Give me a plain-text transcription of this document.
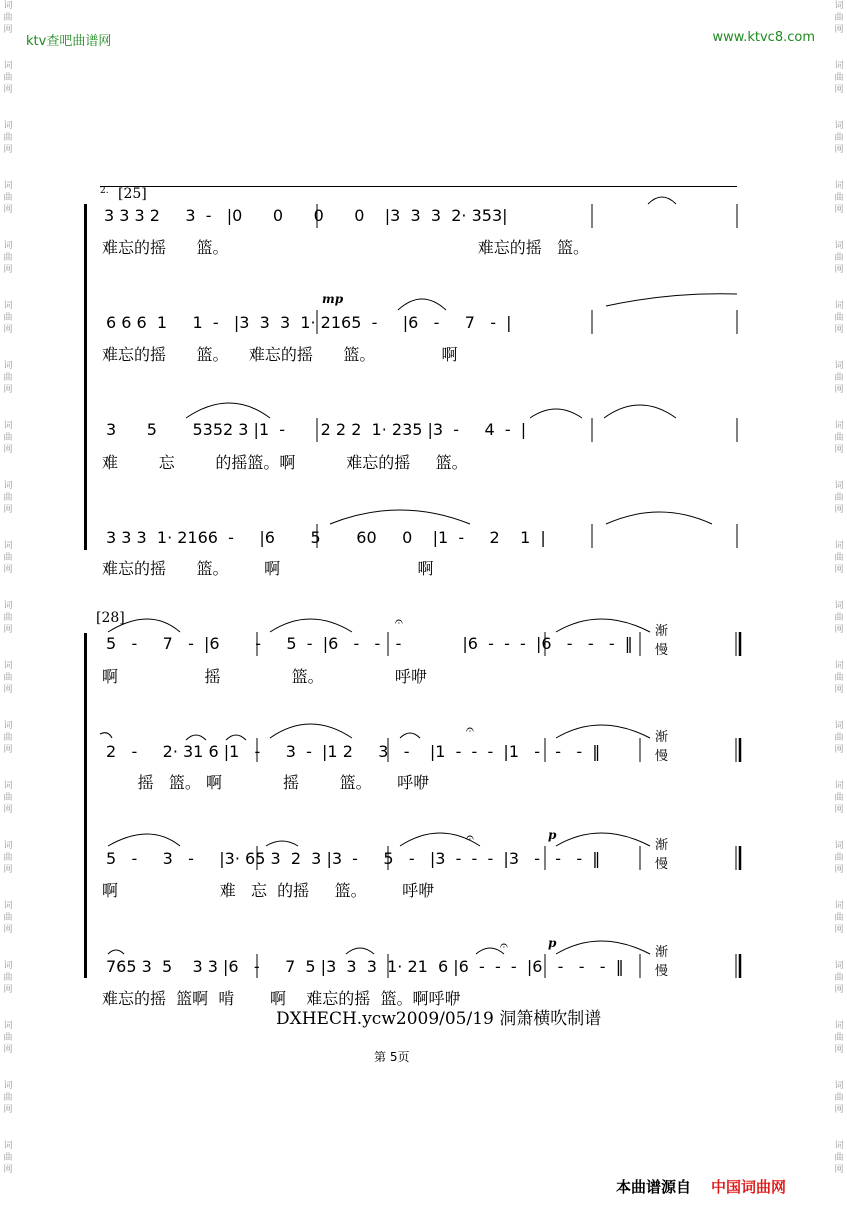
词
曲
网
词
曲
网
词
曲
网
词
曲
网
词
曲
网
词
曲
网
词
曲
网
词
曲
网
词
曲
网
词
曲
网
词
曲
网
词
曲
网
词
曲
网
词
曲
网
词
曲
网
词
曲
网
词
曲
网
词
曲
网
词
曲
网
词
曲
网
词
曲
网
词
曲
网
词
曲
网
词
曲
网
词
曲
网
词
曲
网
词
曲
网
词
曲
网
词
曲
网
词
曲
网
词
曲
网
词
曲
网
词
曲
网
词
曲
网
词
曲
网
词
曲
网
词
曲
网
词
曲
网
词
曲
网
词
曲
网
ktv查吧曲谱网	www.ktvc8.com
2. [25]
[28]
3 3 3 2     3  -   |0      0      0      0    |3  3  3  2· 353|
难忘的摇      篮。                                                 难忘的摇   篮。
mp
6 6 6  1     1  -   |3  3  3  1· 2165  -     |6   -     7   -  |
难忘的摇      篮。    难忘的摇      篮。             啊
3      5       5352 3 |1  -       2 2 2  1· 235 |3  -     4  -  |
难        忘        的摇篮。啊          难忘的摇     篮。
3 3 3  1· 2166  -     |6       5       60     0    |1  -     2    1  |
难忘的摇      篮。       啊                           啊
𝄐
渐慢
5   -     7   -  |6       -     5  -  |6   -   -   -            |6  -  -  -  |6   -   -   -  ‖
啊                 摇              篮。              呼咿
𝄐	渐慢
2   -     2· 31 6 |1   -     3  -  |1 2     3   -    |1  -  -  -  |1   -   -   -  ‖
摇   篮。 啊            摇        篮。     呼咿
p
𝄐	渐慢
5   -     3   -     |3· 65 3  2  3 |3  -     5   -   |3  -  -  -  |3   -   -   -  ‖
啊                    难   忘  的摇     篮。       呼咿
p
𝄐	渐慢
765 3  5    3 3 |6   -     7  5 |3  3  3  1· 21  6 |6  -  -  -  |6   -   -   -  ‖
难忘的摇  篮啊  啃       啊    难忘的摇  篮。啊呼咿
DXHECH.ycw2009/05/19 洞箫横吹制谱
第 5页
本曲谱源自 中国词曲网
